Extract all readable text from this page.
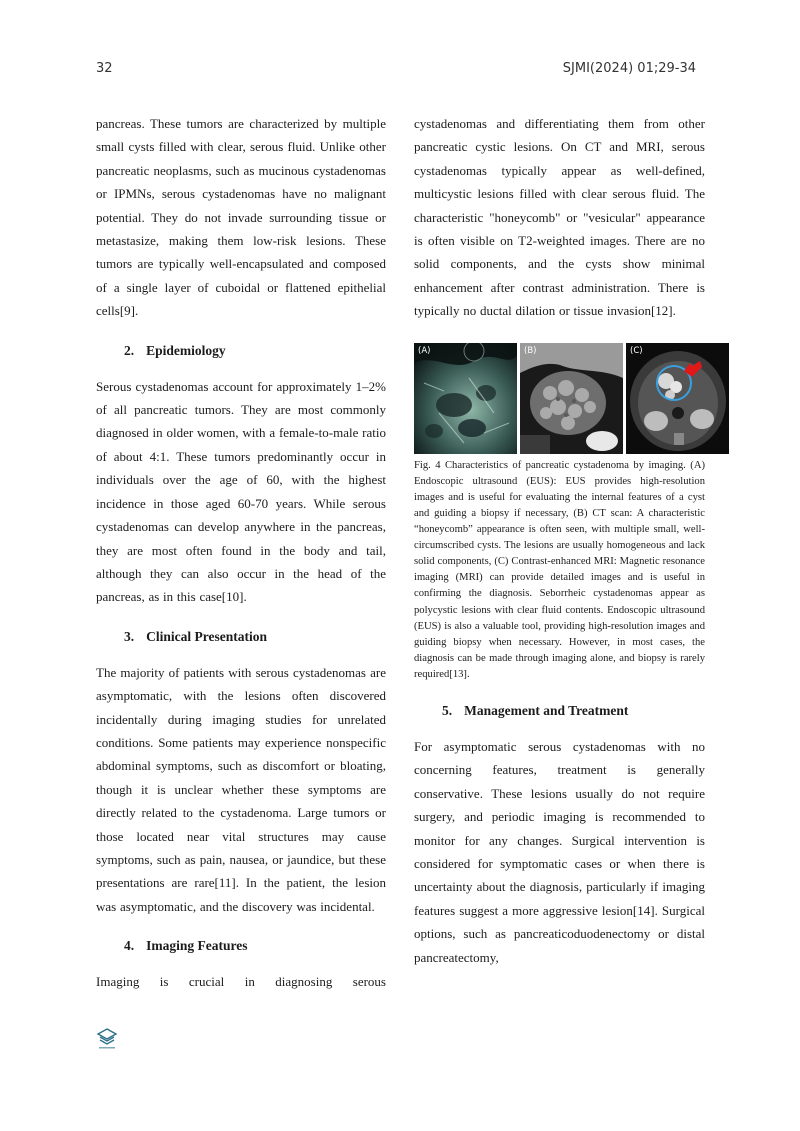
32	SJMI(2024) 01;29-34

pancreas. These tumors are characterized by multiple small cysts filled with clear, serous fluid. Unlike other pancreatic neoplasms, such as mucinous cystadenomas or IPMNs, serous cystadenomas have no malignant potential. They do not invade surrounding tissue or metastasize, making them low-risk lesions. These tumors are typically well-encapsulated and composed of a single layer of cuboidal or flattened epithelial cells[9].

2. Epidemiology

Serous cystadenomas account for approximately 1–2% of all pancreatic tumors. They are most commonly diagnosed in older women, with a female-to-male ratio of about 4:1. These tumors predominantly occur in individuals over the age of 60, with the highest incidence in those aged 60-70 years. While serous cystadenomas can develop anywhere in the pancreas, they are most often found in the body and tail, although they can also occur in the head of the pancreas, as in this case[10].

3. Clinical Presentation

The majority of patients with serous cystadenomas are asymptomatic, with the lesions often discovered incidentally during imaging studies for unrelated conditions. Some patients may experience nonspecific abdominal symptoms, such as discomfort or bloating, though it is unclear whether these symptoms are directly related to the cystadenoma. Large tumors or those located near vital structures may cause symptoms, such as pain, nausea, or jaundice, but these presentations are rare[11]. In the patient, the lesion was asymptomatic, and the discovery was incidental.

4. Imaging Features

Imaging is crucial in diagnosing serous

cystadenomas and differentiating them from other pancreatic cystic lesions. On CT and MRI, serous cystadenomas typically appear as well-defined, multicystic lesions filled with clear serous fluid. The characteristic "honeycomb" or "vesicular" appearance is often visible on T2-weighted images. There are no solid components, and the cysts show minimal enhancement after contrast administration. There is typically no ductal dilation or tissue invasion[12].

(A)	(B)	(C)

Fig. 4 Characteristics of pancreatic cystadenoma by imaging. (A) Endoscopic ultrasound (EUS): EUS provides high-resolution images and is useful for evaluating the internal features of a cyst and guiding a biopsy if necessary, (B) CT scan: A characteristic “honeycomb” appearance is often seen, with multiple small, well-circumscribed cysts. The lesions are usually homogeneous and lack solid components, (C) Contrast-enhanced MRI: Magnetic resonance imaging (MRI) can provide detailed images and is useful in confirming the diagnosis. Seborrheic cystadenomas appear as polycystic lesions with clear fluid contents. Endoscopic ultrasound (EUS) is also a valuable tool, providing high-resolution images and guiding biopsy when necessary. However, in most cases, the diagnosis can be made through imaging alone, and biopsy is rarely required[13].

5. Management and Treatment

For asymptomatic serous cystadenomas with no concerning features, treatment is generally conservative. These lesions usually do not require surgery, and periodic imaging is recommended to monitor for any changes. Surgical intervention is considered for symptomatic cases or when there is uncertainty about the diagnosis, particularly if imaging features suggest a more aggressive lesion[14]. Surgical options, such as pancreaticoduodenectomy or distal pancreatectomy,
